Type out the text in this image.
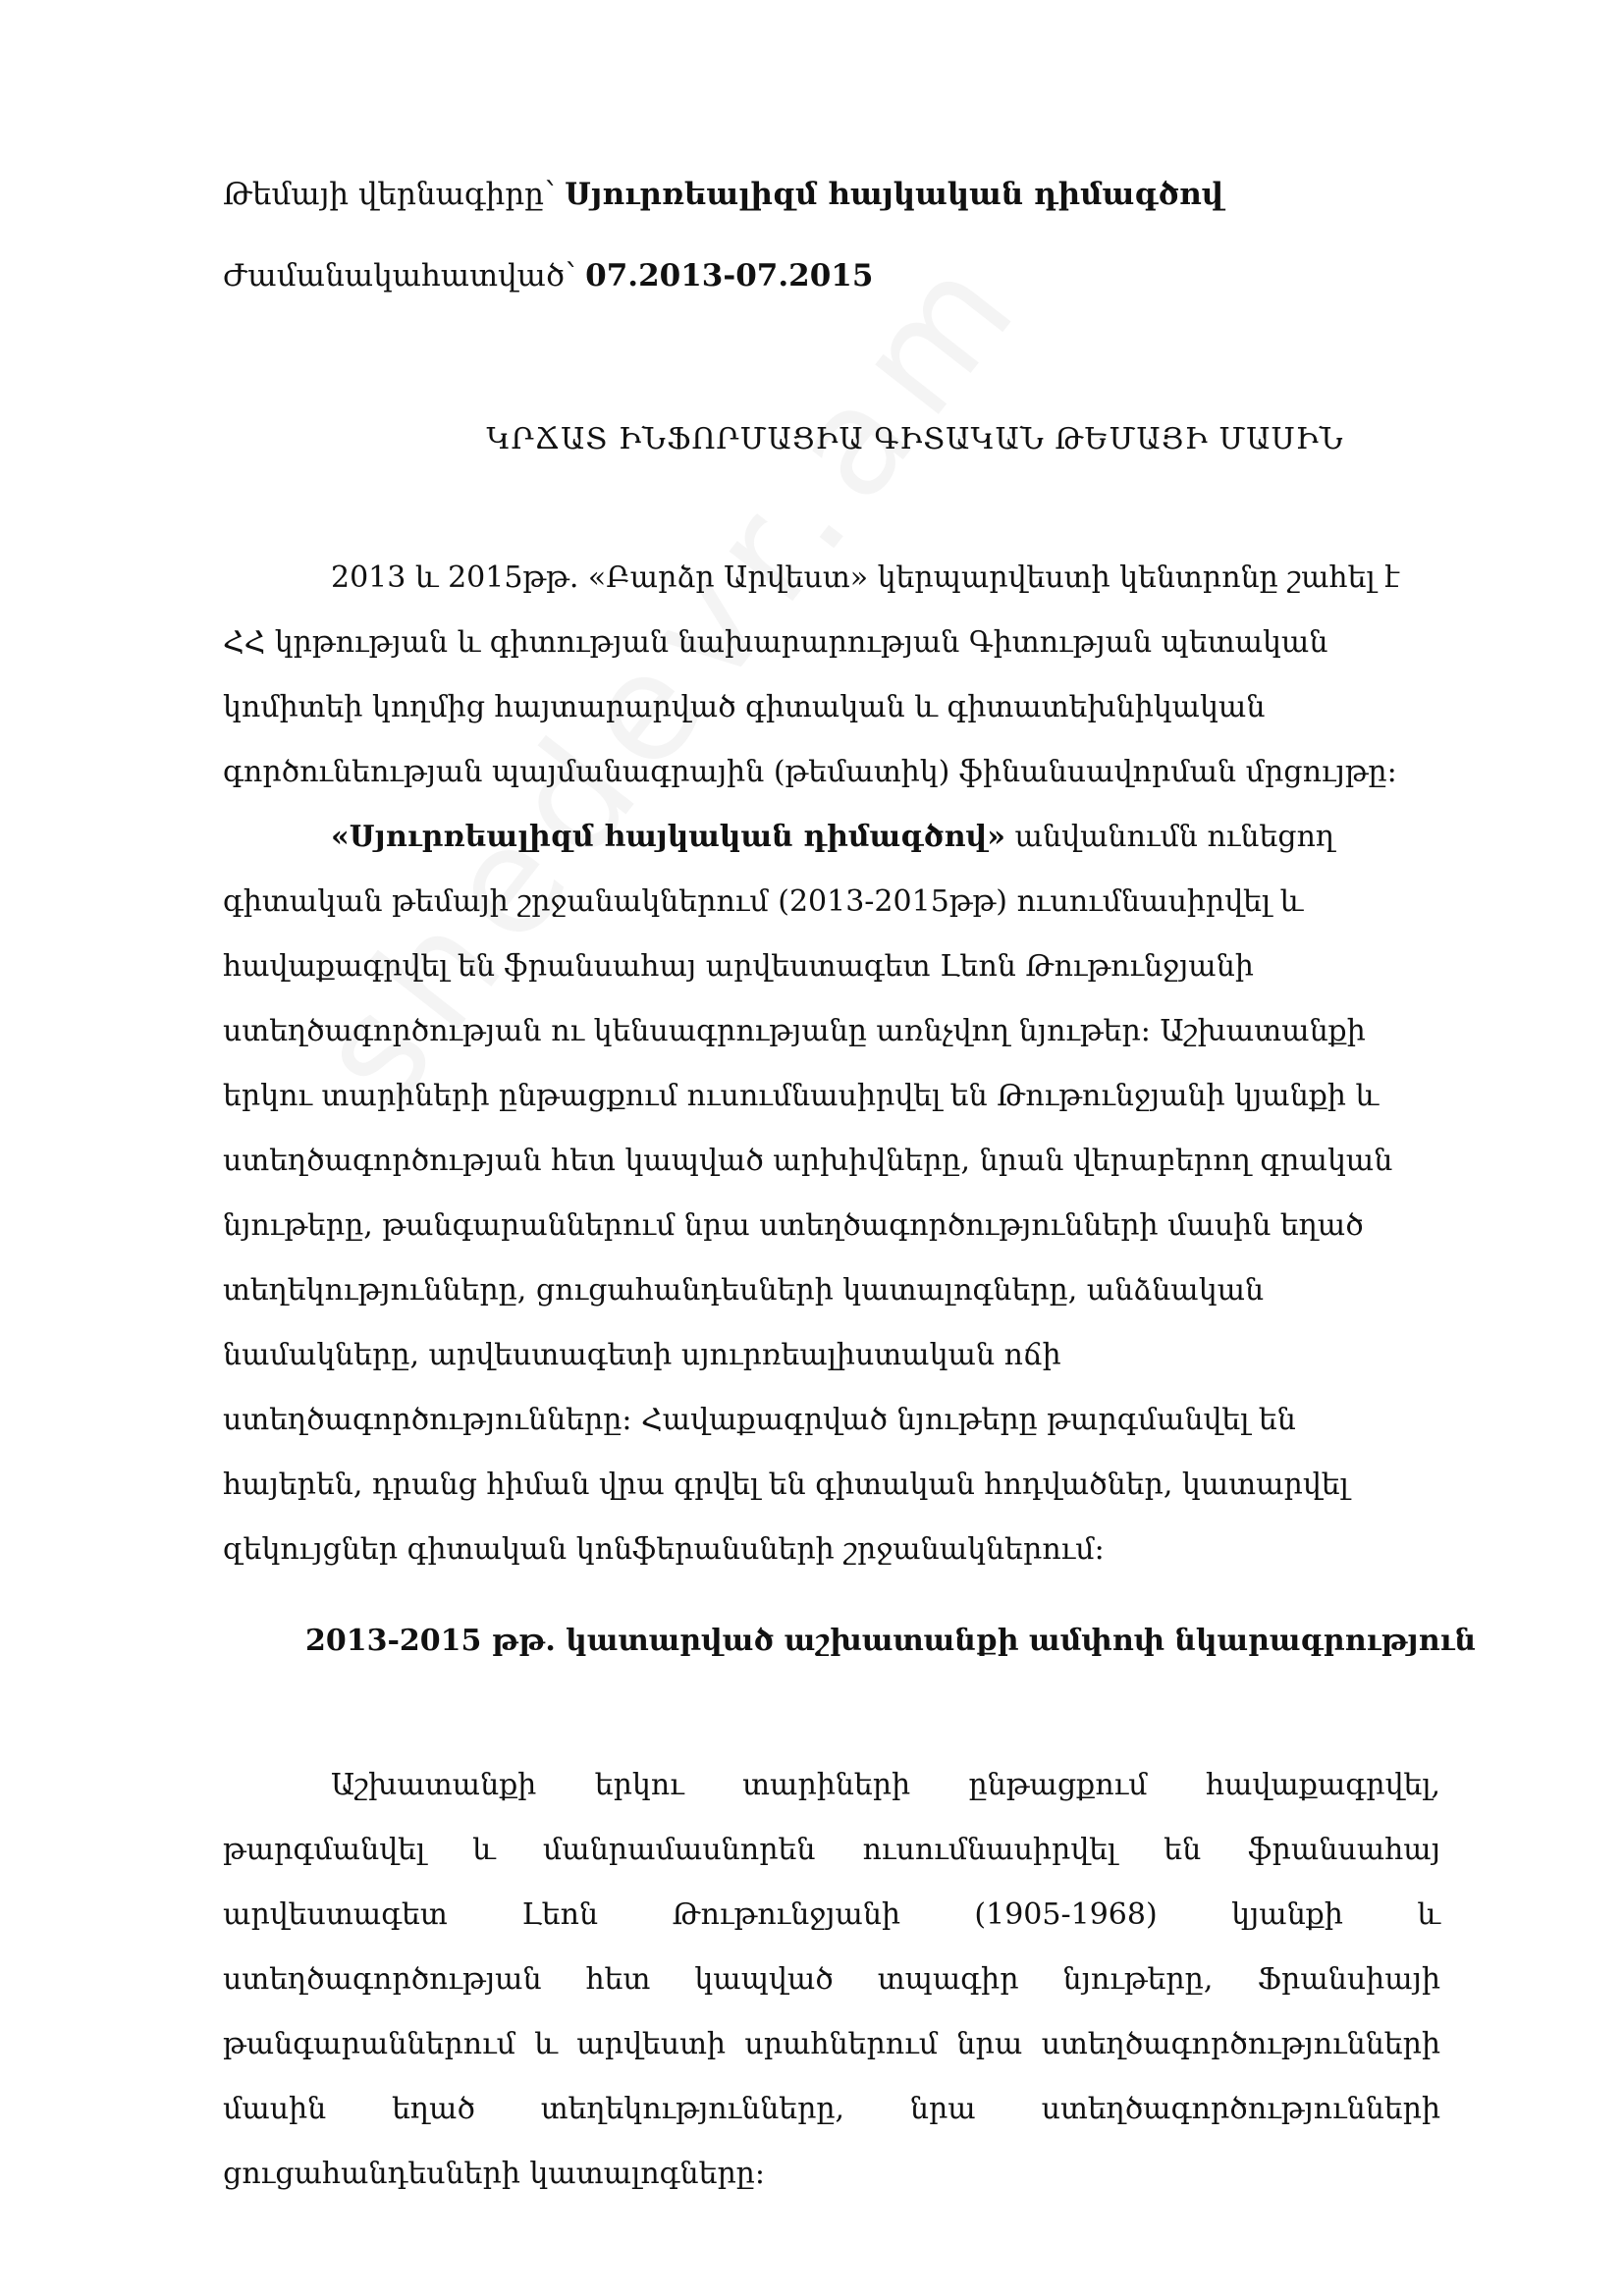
Թեմայի վերնագիրը՝ Սյուրռեալիզմ հայկական դիմագծով
Ժամանակահատված՝ 07.2013-07.2015
ԿՐՃԱՏ ԻՆՖՈՐՄԱՑԻԱ ԳԻՏԱԿԱՆ ԹԵՄԱՅԻ ՄԱՍԻՆ

2013 և 2015թթ. «Բարձր Արվեստ» կերպարվեստի կենտրոնը շահել է ՀՀ կրթության և գիտության նախարարության Գիտության պետական կոմիտեի կողմից հայտարարված գիտական և գիտատեխնիկական գործունեության պայմանագրային (թեմատիկ) ֆինանսավորման մրցույթը:

«Սյուրռեալիզմ հայկական դիմագծով» անվանումն ունեցող գիտական թեմայի շրջանակներում (2013-2015թթ) ուսումնասիրվել և հավաքագրվել են ֆրանսահայ արվեստագետ Լեոն Թութունջյանի ստեղծագործության ու կենսագրությանը առնչվող նյութեր: Աշխատանքի երկու տարիների ընթացքում ուսումնասիրվել են Թութունջյանի կյանքի և ստեղծագործության հետ կապված արխիվները, նրան վերաբերող գրական նյութերը, թանգարաններում նրա ստեղծագործությունների մասին եղած տեղեկությունները, ցուցահանդեսների կատալոգները, անձնական նամակները, արվեստագետի սյուրռեալիստական ոճի ստեղծագործությունները: Հավաքագրված նյութերը թարգմանվել են հայերեն, դրանց հիման վրա գրվել են գիտական հոդվածներ, կատարվել զեկույցներ գիտական կոնֆերանսների շրջանակներում:

2013-2015 թթ. կատարված աշխատանքի ամփոփ նկարագրություն

Աշխատանքի երկու տարիների ընթացքում հավաքագրվել, թարգմանվել և մանրամասնորեն ուսումնասիրվել են ֆրանսահայ արվեստագետ Լեոն Թութունջյանի (1905-1968) կյանքի և ստեղծագործության հետ կապված տպագիր նյութերը, Ֆրանսիայի թանգարաններում և արվեստի սրահներում նրա ստեղծագործությունների մասին եղած տեղեկությունները, նրա ստեղծագործությունների ցուցահանդեսների կատալոգները:
